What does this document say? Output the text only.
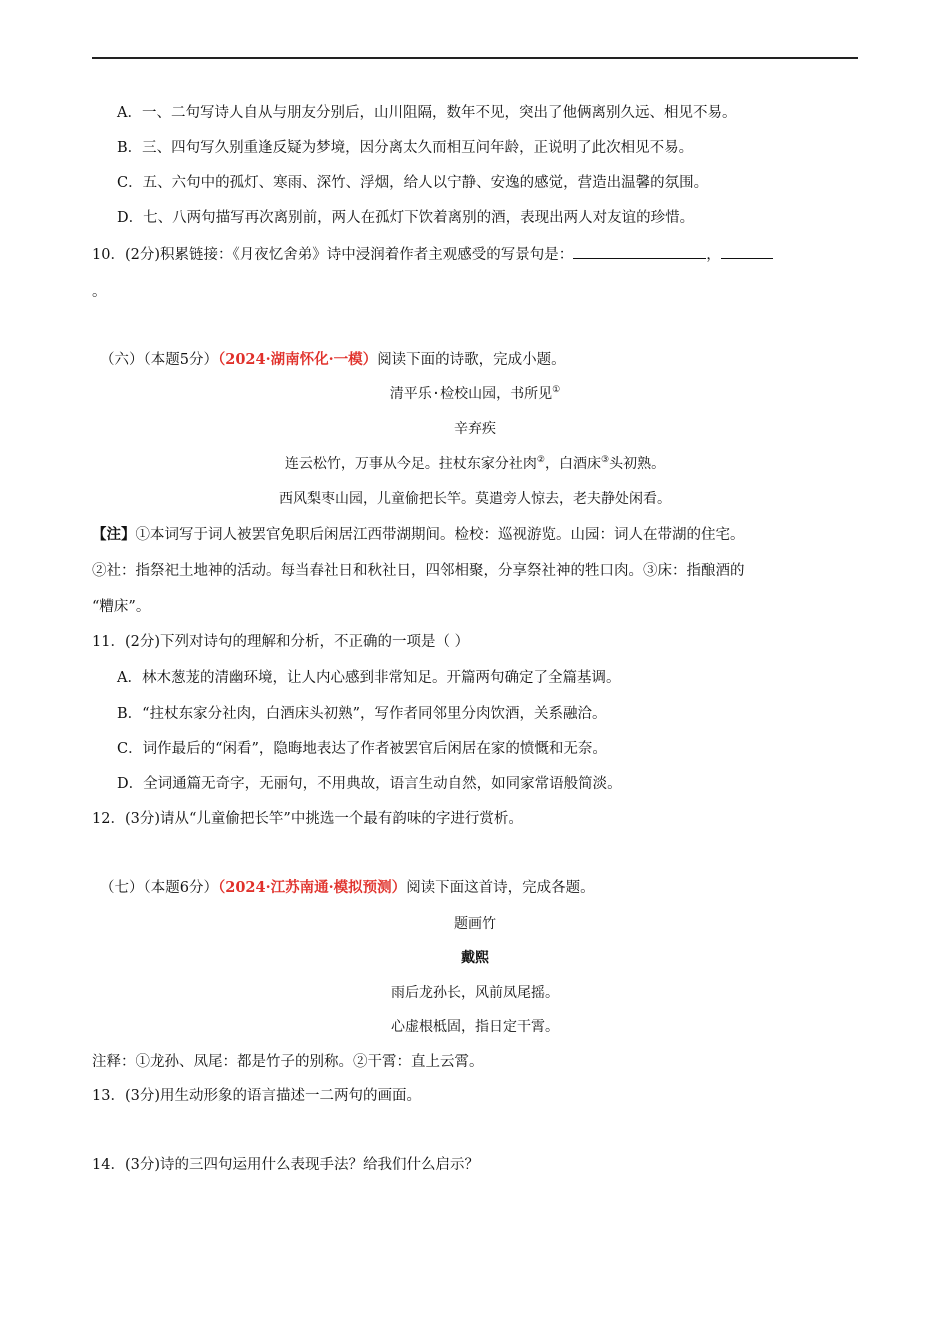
A．一、二句写诗人自从与朋友分别后，山川阻隔，数年不见，突出了他俩离别久远、相见不易。
B．三、四句写久别重逢反疑为梦境，因分离太久而相互问年龄，正说明了此次相见不易。
C．五、六句中的孤灯、寒雨、深竹、浮烟，给人以宁静、安逸的感觉，营造出温馨的氛围。
D．七、八两句描写再次离别前，两人在孤灯下饮着离别的酒，表现出两人对友谊的珍惜。
10．(2分)积累链接：《月夜忆舍弟》诗中浸润着作者主观感受的写景句是：	，
。
（六）（本题5分）（2024·湖南怀化·一模）阅读下面的诗歌，完成小题。
清平乐·检校山园，书所见①
辛弃疾
连云松竹，万事从今足。拄杖东家分社肉②，白酒床③头初熟。
西风梨枣山园，儿童偷把长竿。莫遣旁人惊去，老夫静处闲看。
【注】①本词写于词人被罢官免职后闲居江西带湖期间。检校：巡视游览。山园：词人在带湖的住宅。
②社：指祭祀土地神的活动。每当春社日和秋社日，四邻相聚，分享祭社神的牲口肉。③床：指酿酒的
“糟床”。
11．(2分)下列对诗句的理解和分析，不正确的一项是（ ）
A．林木葱茏的清幽环境，让人内心感到非常知足。开篇两句确定了全篇基调。
B．“拄杖东家分社肉，白酒床头初熟”，写作者同邻里分肉饮酒，关系融洽。
C．词作最后的“闲看”，隐晦地表达了作者被罢官后闲居在家的愤慨和无奈。
D．全词通篇无奇字，无丽句，不用典故，语言生动自然，如同家常语般简淡。
12．(3分)请从“儿童偷把长竿”中挑选一个最有韵味的字进行赏析。
（七）（本题6分）（2024·江苏南通·模拟预测）阅读下面这首诗，完成各题。
题画竹
戴熙
雨后龙孙长，风前凤尾摇。
心虚根柢固，指日定干霄。
注释：①龙孙、凤尾：都是竹子的别称。②干霄：直上云霄。
13．(3分)用生动形象的语言描述一二两句的画面。
14．(3分)诗的三四句运用什么表现手法？给我们什么启示？
